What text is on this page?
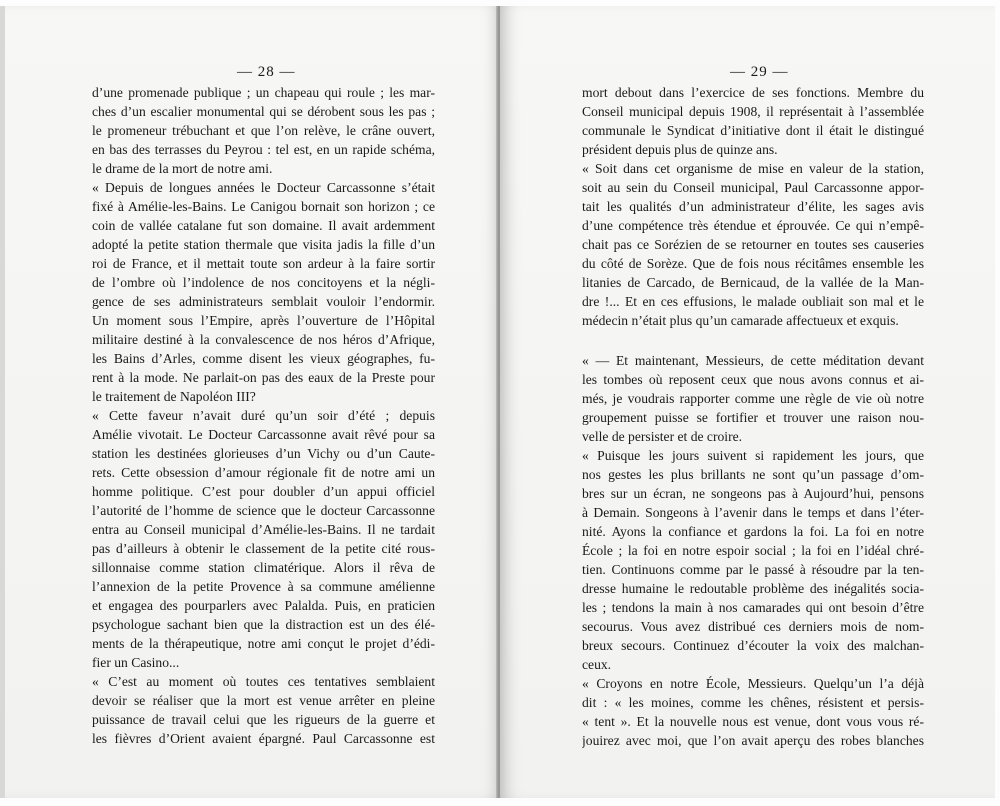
— 28 —
d’une promenade publique ; un chapeau qui roule ; les mar-
ches d’un escalier monumental qui se dérobent sous les pas ;
le promeneur trébuchant et que l’on relève, le crâne ouvert,
en bas des terrasses du Peyrou : tel est, en un rapide schéma,
le drame de la mort de notre ami.
« Depuis de longues années le Docteur Carcassonne s’était
fixé à Amélie-les-Bains. Le Canigou bornait son horizon ; ce
coin de vallée catalane fut son domaine. Il avait ardemment
adopté la petite station thermale que visita jadis la fille d’un
roi de France, et il mettait toute son ardeur à la faire sortir
de l’ombre où l’indolence de nos concitoyens et la négli-
gence de ses administrateurs semblait vouloir l’endormir.
Un moment sous l’Empire, après l’ouverture de l’Hôpital
militaire destiné à la convalescence de nos héros d’Afrique,
les Bains d’Arles, comme disent les vieux géographes, fu-
rent à la mode. Ne parlait-on pas des eaux de la Preste pour
le traitement de Napoléon III?
« Cette faveur n’avait duré qu’un soir d’été ; depuis
Amélie vivotait. Le Docteur Carcassonne avait rêvé pour sa
station les destinées glorieuses d’un Vichy ou d’un Caute-
rets. Cette obsession d’amour régionale fit de notre ami un
homme politique. C’est pour doubler d’un appui officiel
l’autorité de l’homme de science que le docteur Carcassonne
entra au Conseil municipal d’Amélie-les-Bains. Il ne tardait
pas d’ailleurs à obtenir le classement de la petite cité rous-
sillonnaise comme station climatérique. Alors il rêva de
l’annexion de la petite Provence à sa commune amélienne
et engagea des pourparlers avec Palalda. Puis, en praticien
psychologue sachant bien que la distraction est un des élé-
ments de la thérapeutique, notre ami conçut le projet d’édi-
fier un Casino...
« C’est au moment où toutes ces tentatives semblaient
devoir se réaliser que la mort est venue arrêter en pleine
puissance de travail celui que les rigueurs de la guerre et
les fièvres d’Orient avaient épargné. Paul Carcassonne est
— 29 —
mort debout dans l’exercice de ses fonctions. Membre du
Conseil municipal depuis 1908, il représentait à l’assemblée
communale le Syndicat d’initiative dont il était le distingué
président depuis plus de quinze ans.
« Soit dans cet organisme de mise en valeur de la station,
soit au sein du Conseil municipal, Paul Carcassonne appor-
tait les qualités d’un administrateur d’élite, les sages avis
d’une compétence très étendue et éprouvée. Ce qui n’empê-
chait pas ce Sorézien de se retourner en toutes ses causeries
du côté de Sorèze. Que de fois nous récitâmes ensemble les
litanies de Carcado, de Bernicaud, de la vallée de la Man-
dre !... Et en ces effusions, le malade oubliait son mal et le
médecin n’était plus qu’un camarade affectueux et exquis.
« — Et maintenant, Messieurs, de cette méditation devant
les tombes où reposent ceux que nous avons connus et ai-
més, je voudrais rapporter comme une règle de vie où notre
groupement puisse se fortifier et trouver une raison nou-
velle de persister et de croire.
« Puisque les jours suivent si rapidement les jours, que
nos gestes les plus brillants ne sont qu’un passage d’om-
bres sur un écran, ne songeons pas à Aujourd’hui, pensons
à Demain. Songeons à l’avenir dans le temps et dans l’éter-
nité. Ayons la confiance et gardons la foi. La foi en notre
École ; la foi en notre espoir social ; la foi en l’idéal chré-
tien. Continuons comme par le passé à résoudre par la ten-
dresse humaine le redoutable problème des inégalités socia-
les ; tendons la main à nos camarades qui ont besoin d’être
secourus. Vous avez distribué ces derniers mois de nom-
breux secours. Continuez d’écouter la voix des malchan-
ceux.
« Croyons en notre École, Messieurs. Quelqu’un l’a déjà
dit : « les moines, comme les chênes, résistent et persis-
« tent ». Et la nouvelle nous est venue, dont vous vous ré-
jouirez avec moi, que l’on avait aperçu des robes blanches
